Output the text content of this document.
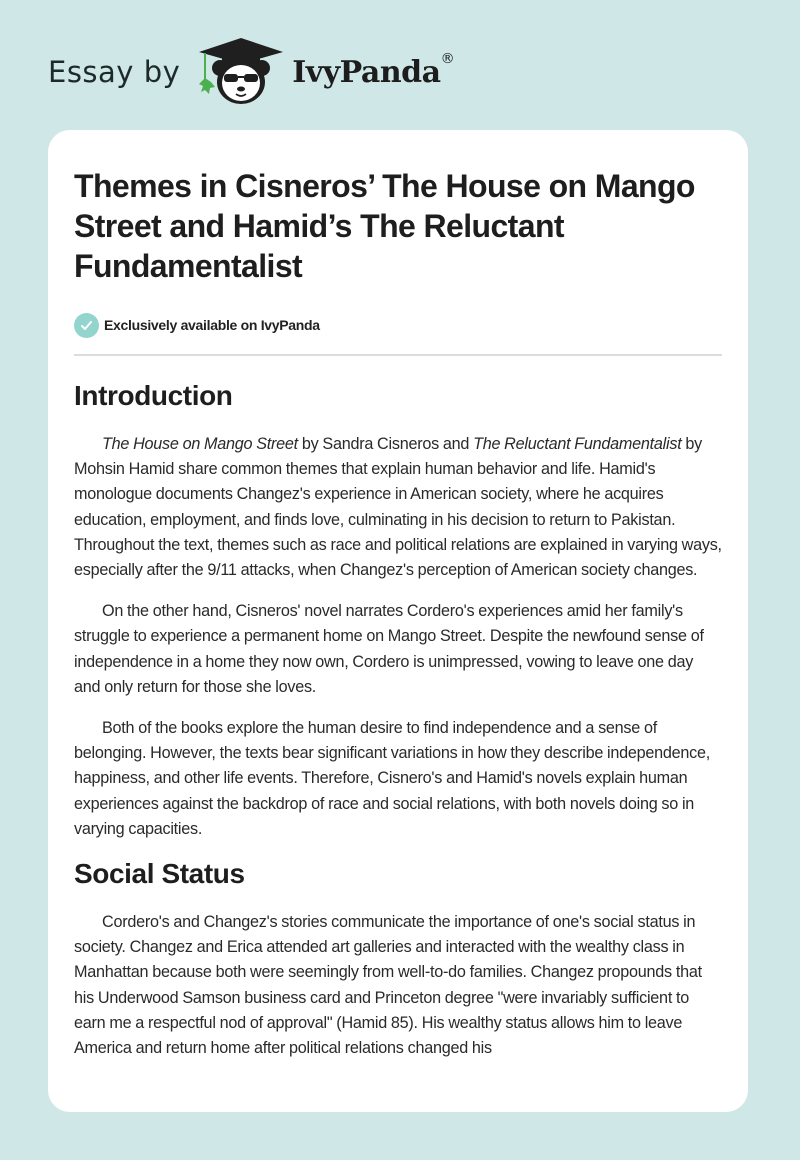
Essay by	IvyPanda®
Themes in Cisneros’ The House on Mango Street and Hamid’s The Reluctant Fundamentalist
Exclusively available on IvyPanda
Introduction

The House on Mango Street by Sandra Cisneros and The Reluctant Fundamentalist by Mohsin Hamid share common themes that explain human behavior and life. Hamid's monologue documents Changez's experience in American society, where he acquires education, employment, and finds love, culminating in his decision to return to Pakistan. Throughout the text, themes such as race and political relations are explained in varying ways, especially after the 9/11 attacks, when Changez's perception of American society changes.

On the other hand, Cisneros' novel narrates Cordero's experiences amid her family's struggle to experience a permanent home on Mango Street. Despite the newfound sense of independence in a home they now own, Cordero is unimpressed, vowing to leave one day and only return for those she loves.

Both of the books explore the human desire to find independence and a sense of belonging. However, the texts bear significant variations in how they describe independence, happiness, and other life events. Therefore, Cisnero's and Hamid's novels explain human experiences against the backdrop of race and social relations, with both novels doing so in varying capacities.

Social Status

Cordero's and Changez's stories communicate the importance of one's social status in society. Changez and Erica attended art galleries and interacted with the wealthy class in Manhattan because both were seemingly from well-to-do families. Changez propounds that his Underwood Samson business card and Princeton degree "were invariably sufficient to earn me a respectful nod of approval" (Hamid 85). His wealthy status allows him to leave America and return home after political relations changed his
